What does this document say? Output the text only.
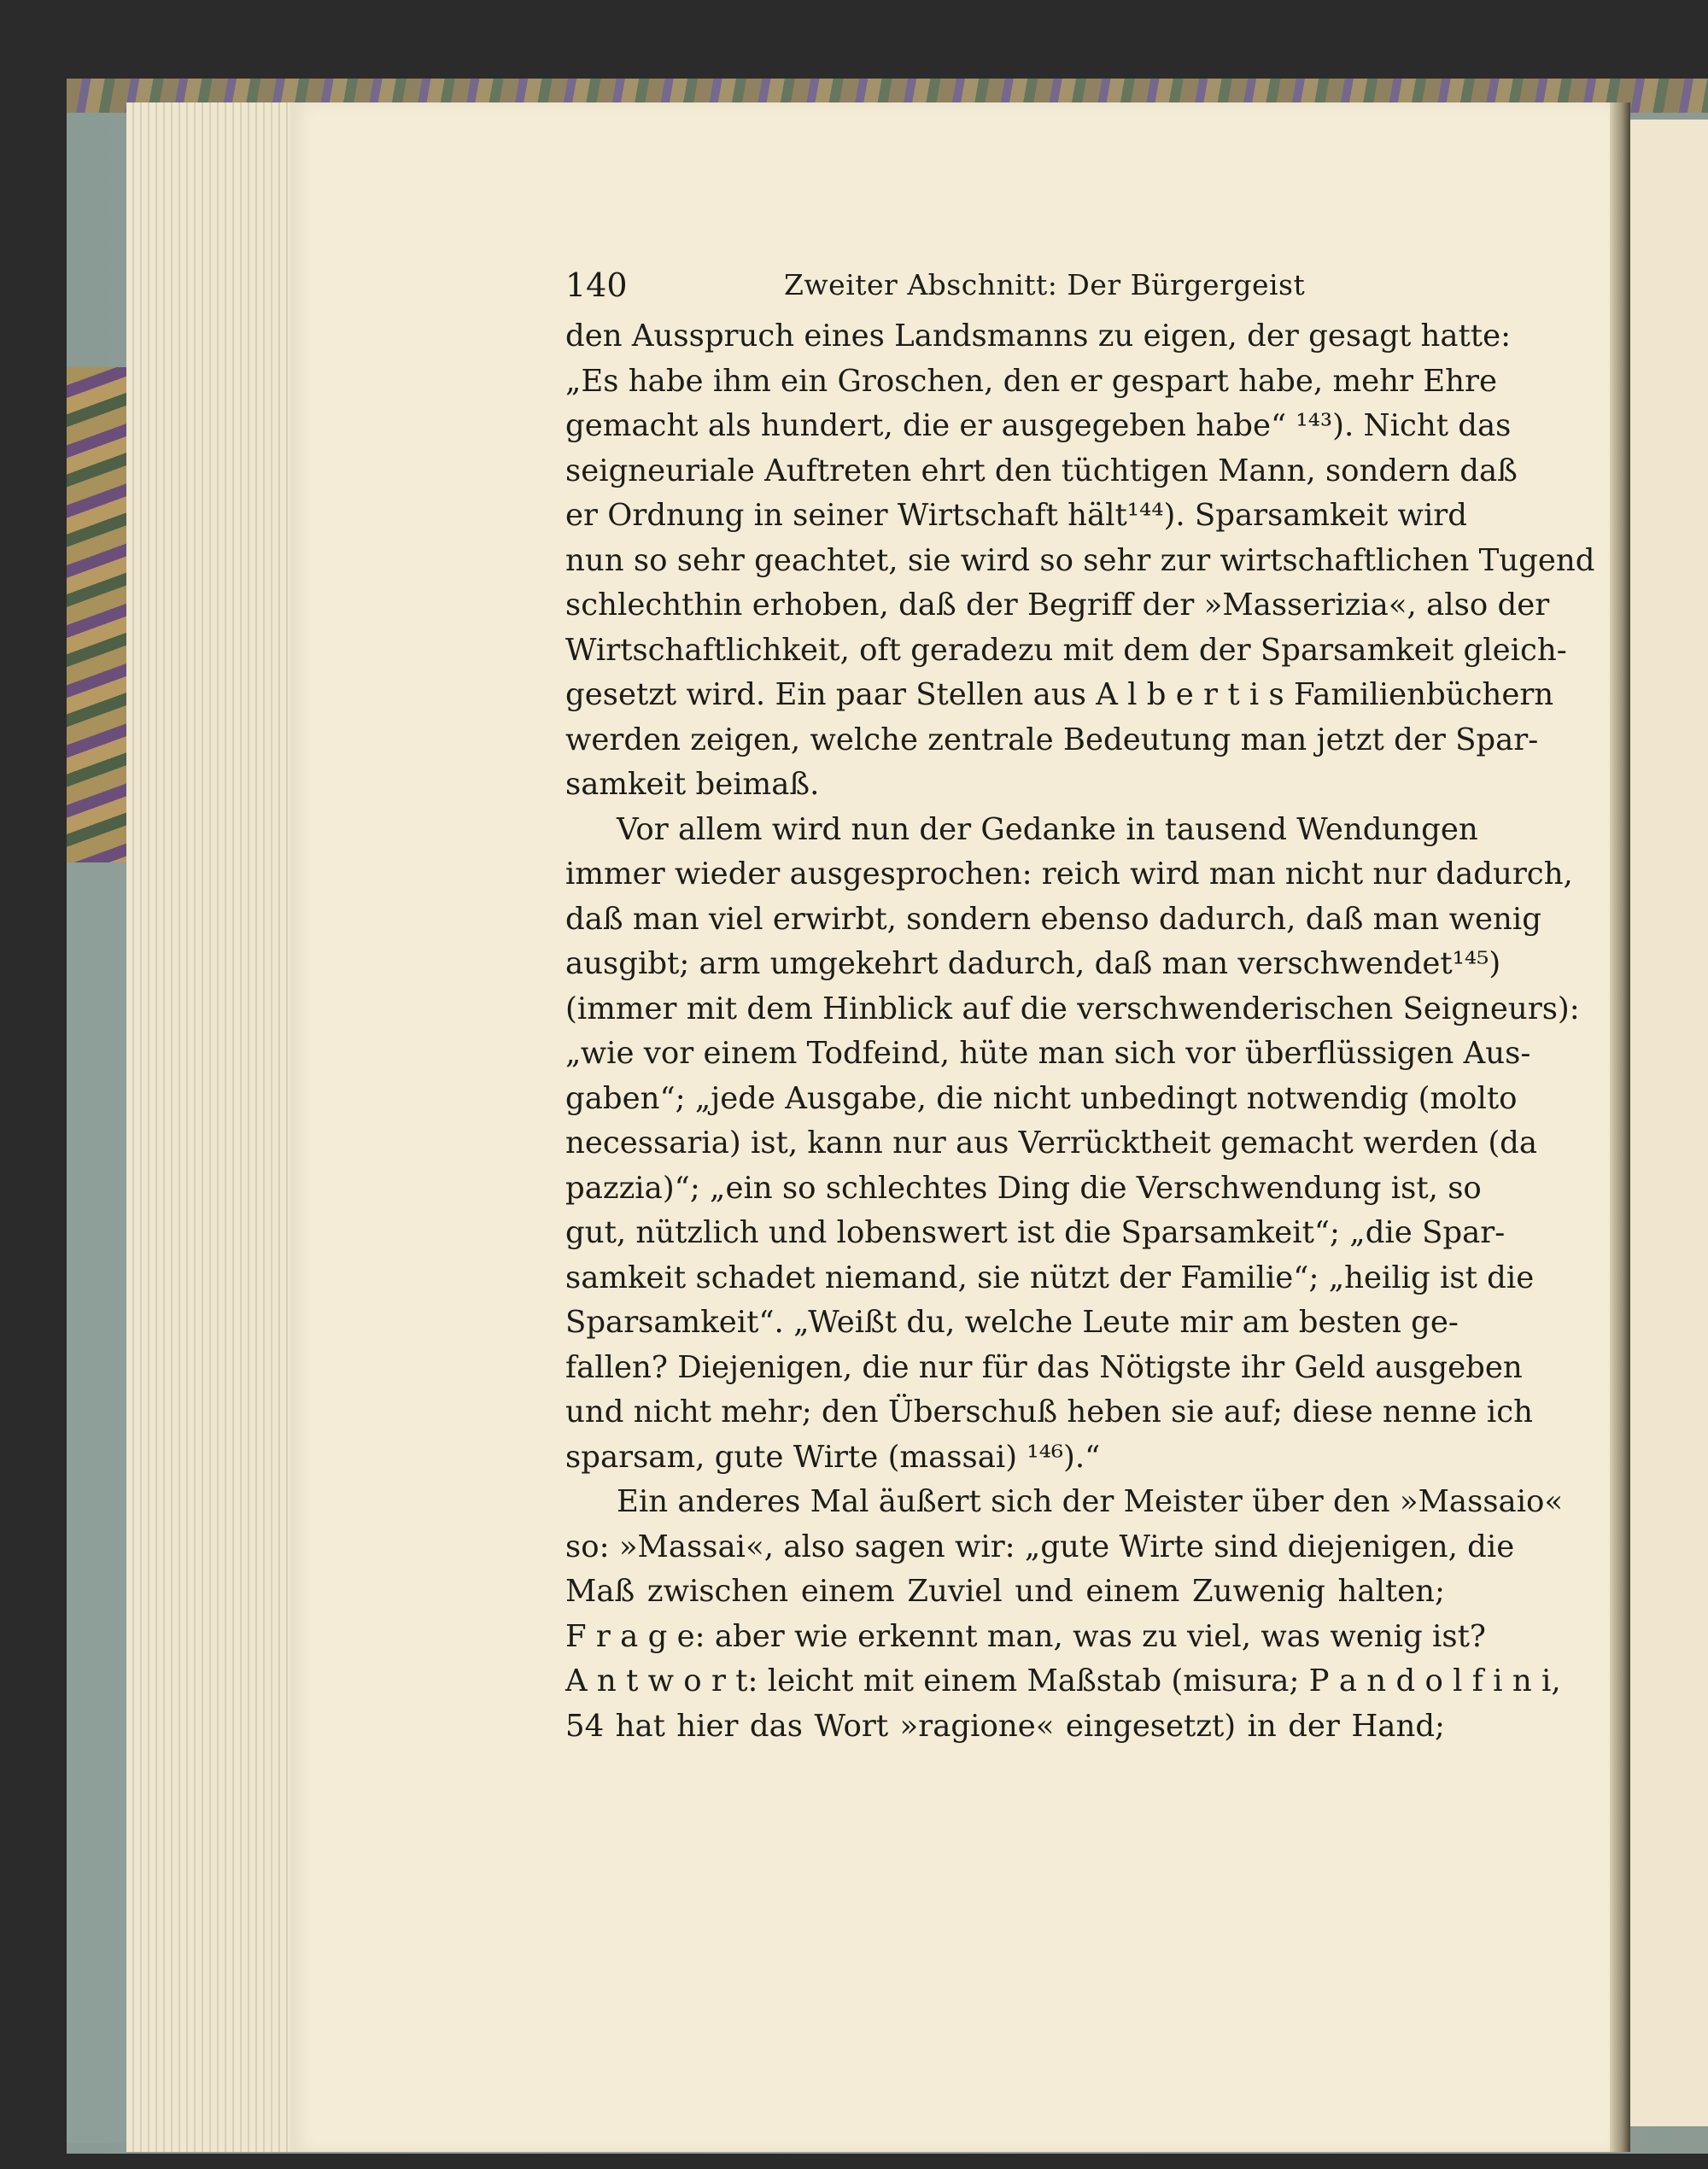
140	Zweiter Abschnitt: Der Bürgergeist
den Ausspruch eines Landsmanns zu eigen, der gesagt hatte:
„Es habe ihm ein Groschen, den er gespart habe, mehr Ehre
gemacht als hundert, die er ausgegeben habe“ ¹⁴³). Nicht das
seigneuriale Auftreten ehrt den tüchtigen Mann, sondern daß
er Ordnung in seiner Wirtschaft hält¹⁴⁴). Sparsamkeit wird
nun so sehr geachtet, sie wird so sehr zur wirtschaftlichen Tugend
schlechthin erhoben, daß der Begriff der »Masserizia«, also der
Wirtschaftlichkeit, oft geradezu mit dem der Sparsamkeit gleich-
gesetzt wird. Ein paar Stellen aus A l b e r t i s Familienbüchern
werden zeigen, welche zentrale Bedeutung man jetzt der Spar-
samkeit beimaß.
Vor allem wird nun der Gedanke in tausend Wendungen
immer wieder ausgesprochen: reich wird man nicht nur dadurch,
daß man viel erwirbt, sondern ebenso dadurch, daß man wenig
ausgibt; arm umgekehrt dadurch, daß man verschwendet¹⁴⁵)
(immer mit dem Hinblick auf die verschwenderischen Seigneurs):
„wie vor einem Todfeind, hüte man sich vor überflüssigen Aus-
gaben“; „jede Ausgabe, die nicht unbedingt notwendig (molto
necessaria) ist, kann nur aus Verrücktheit gemacht werden (da
pazzia)“; „ein so schlechtes Ding die Verschwendung ist, so
gut, nützlich und lobenswert ist die Sparsamkeit“; „die Spar-
samkeit schadet niemand, sie nützt der Familie“; „heilig ist die
Sparsamkeit“. „Weißt du, welche Leute mir am besten ge-
fallen? Diejenigen, die nur für das Nötigste ihr Geld ausgeben
und nicht mehr; den Überschuß heben sie auf; diese nenne ich
sparsam, gute Wirte (massai) ¹⁴⁶).“
Ein anderes Mal äußert sich der Meister über den »Massaio«
so: »Massai«, also sagen wir: „gute Wirte sind diejenigen, die
Maß zwischen einem Zuviel und einem Zuwenig halten;
F r a g e: aber wie erkennt man, was zu viel, was wenig ist?
A n t w o r t: leicht mit einem Maßstab (misura; P a n d o l f i n i,
54 hat hier das Wort »ragione« eingesetzt) in der Hand;
